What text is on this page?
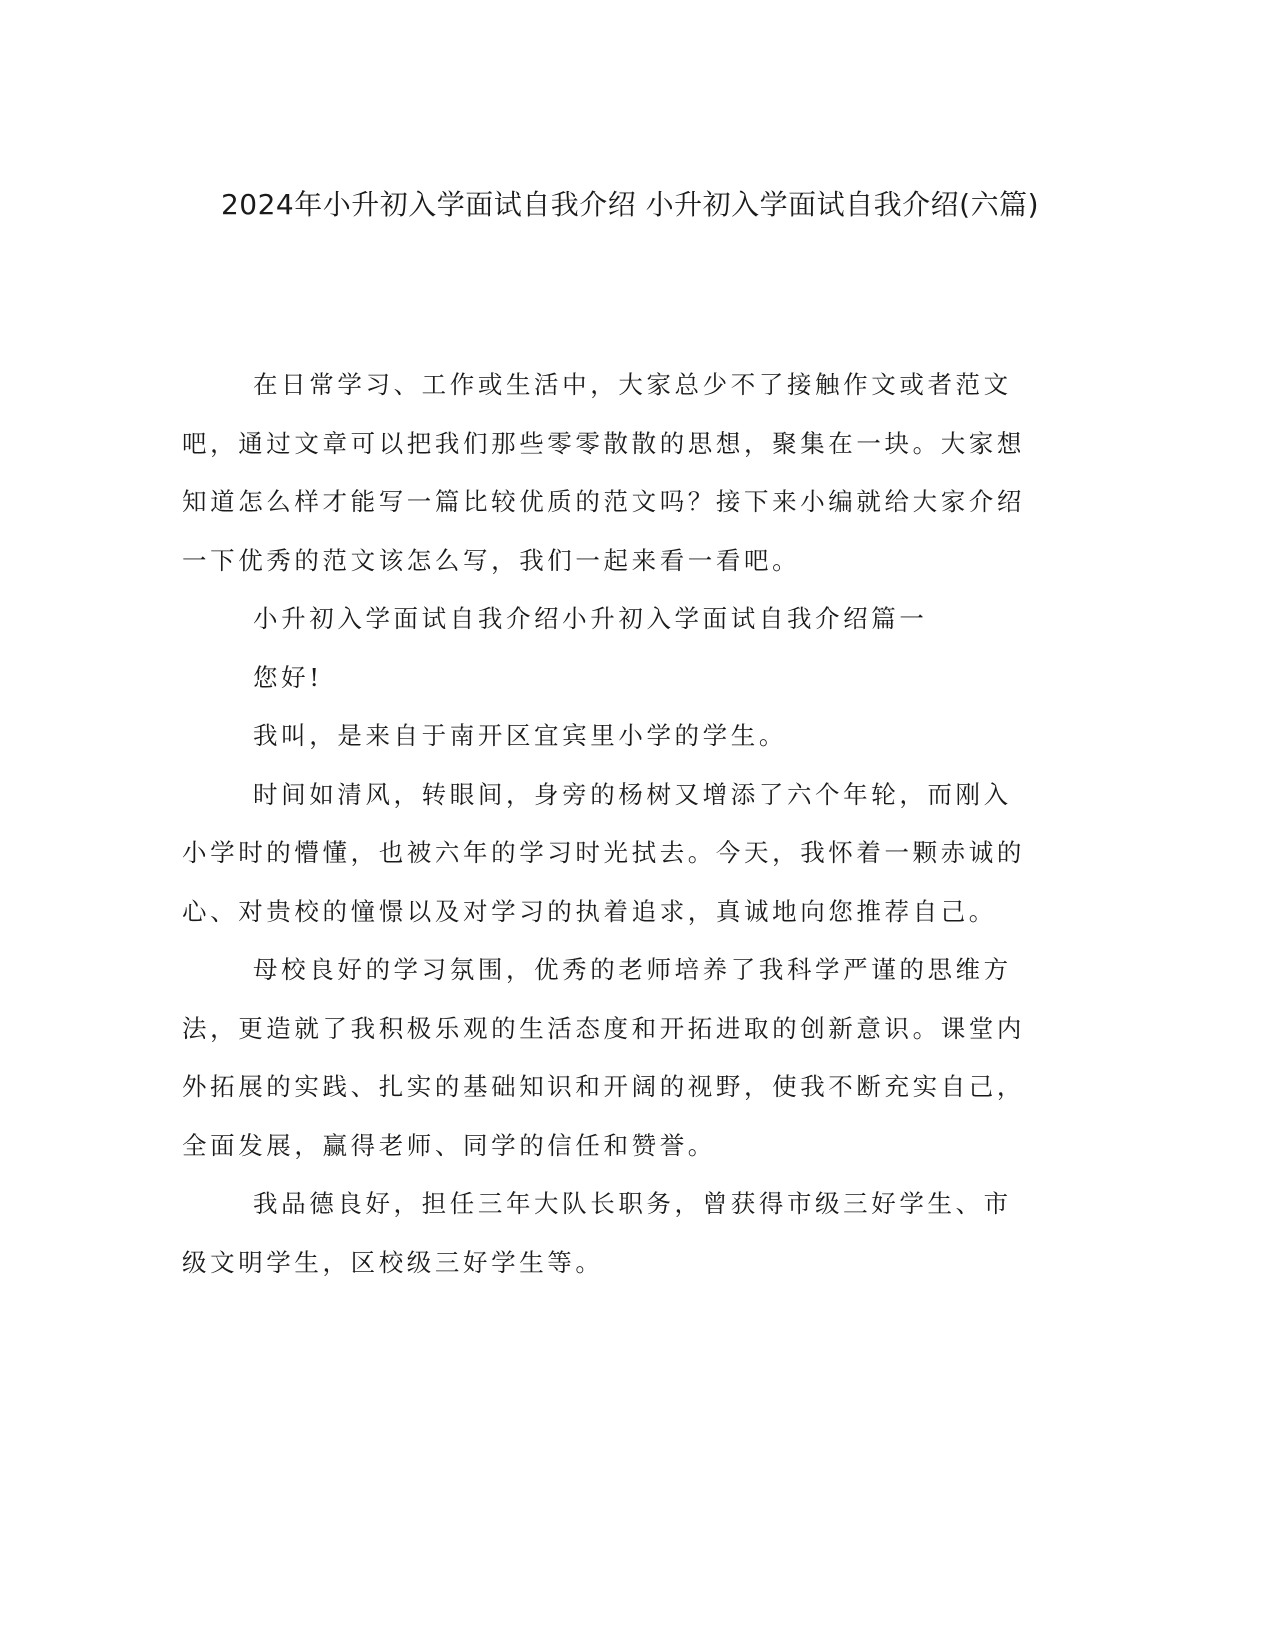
2024年小升初入学面试自我介绍 小升初入学面试自我介绍(六篇)

在日常学习、工作或生活中，大家总少不了接触作文或者范文吧，通过文章可以把我们那些零零散散的思想，聚集在一块。大家想知道怎么样才能写一篇比较优质的范文吗？接下来小编就给大家介绍一下优秀的范文该怎么写，我们一起来看一看吧。

小升初入学面试自我介绍小升初入学面试自我介绍篇一

您好!

我叫，是来自于南开区宜宾里小学的学生。

时间如清风，转眼间，身旁的杨树又增添了六个年轮，而刚入小学时的懵懂，也被六年的学习时光拭去。今天，我怀着一颗赤诚的心、对贵校的憧憬以及对学习的执着追求，真诚地向您推荐自己。

母校良好的学习氛围，优秀的老师培养了我科学严谨的思维方法，更造就了我积极乐观的生活态度和开拓进取的创新意识。课堂内外拓展的实践、扎实的基础知识和开阔的视野，使我不断充实自己，全面发展，赢得老师、同学的信任和赞誉。

我品德良好，担任三年大队长职务，曾获得市级三好学生、市级文明学生，区校级三好学生等。
